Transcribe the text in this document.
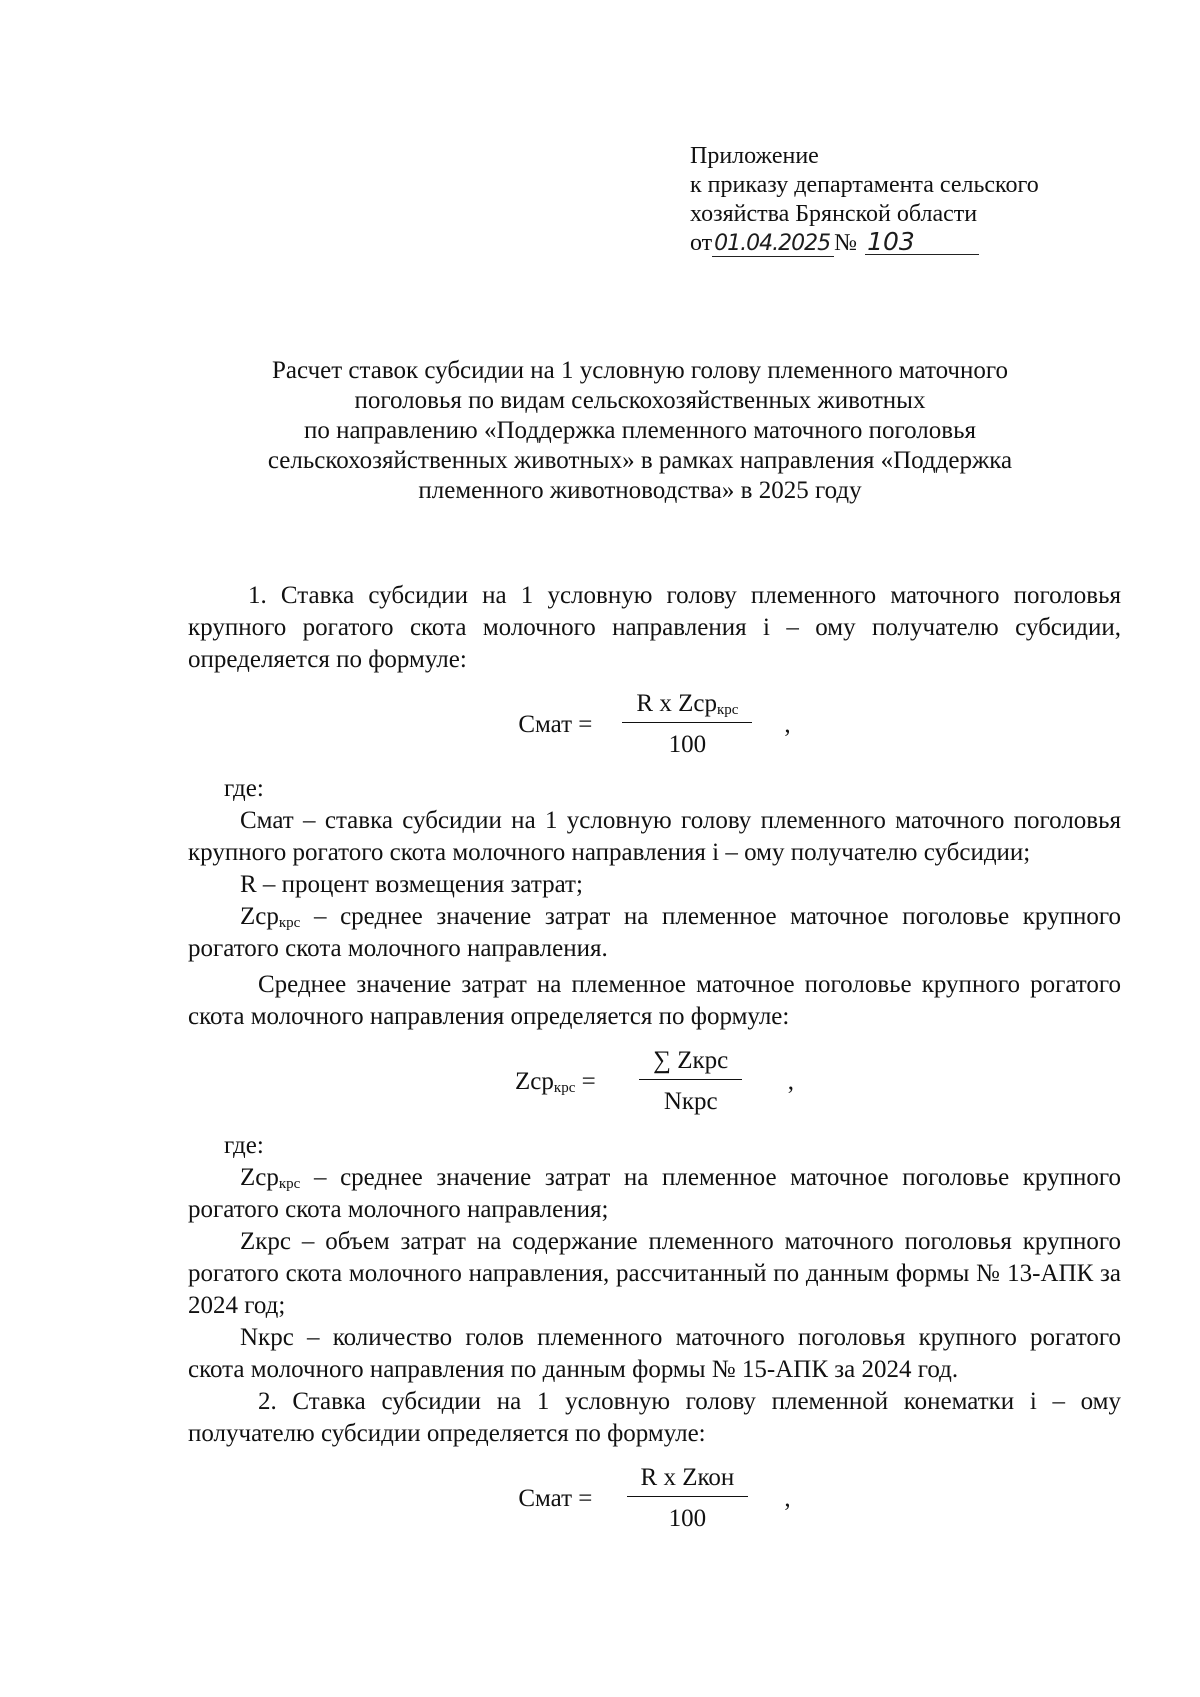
Приложение
к приказу департамента сельского
хозяйства Брянской области
от01.04.2025 № 103
Расчет ставок субсидии на 1 условную голову племенного маточного
поголовья по видам сельскохозяйственных животных
по направлению «Поддержка племенного маточного поголовья
сельскохозяйственных животных» в рамках направления «Поддержка
племенного животноводства» в 2025 году

1. Ставка субсидии на 1 условную голову племенного маточного поголовья крупного рогатого скота молочного направления i – ому получателю субсидии, определяется по формуле:

Смат = $\frac{R x Zср_{крс}}{100}$ ,

где:

Смат – ставка субсидии на 1 условную голову племенного маточного поголовья крупного рогатого скота молочного направления i – ому получателю субсидии;

R – процент возмещения затрат;

Zср$_{крс}$ – среднее значение затрат на племенное маточное поголовье крупного рогатого скота молочного направления.

Среднее значение затрат на племенное маточное поголовье крупного рогатого скота молочного направления определяется по формуле:

$Zср_{крс} = \frac{\text{∑ Zкрс}}{\text{Nкрс}}$ ,

где:

Zср$_{крс}$ – среднее значение затрат на племенное маточное поголовье крупного рогатого скота молочного направления;

Zкрс – объем затрат на содержание племенного маточного поголовья крупного рогатого скота молочного направления, рассчитанный по данным формы № 13-АПК за 2024 год;

Nкрс – количество голов племенного маточного поголовья крупного рогатого скота молочного направления по данным формы № 15-АПК за 2024 год.

2. Ставка субсидии на 1 условную голову племенной конематки i – ому получателю субсидии определяется по формуле:

Смат = $\frac{\text{R x Zкон}}{100}$ ,
